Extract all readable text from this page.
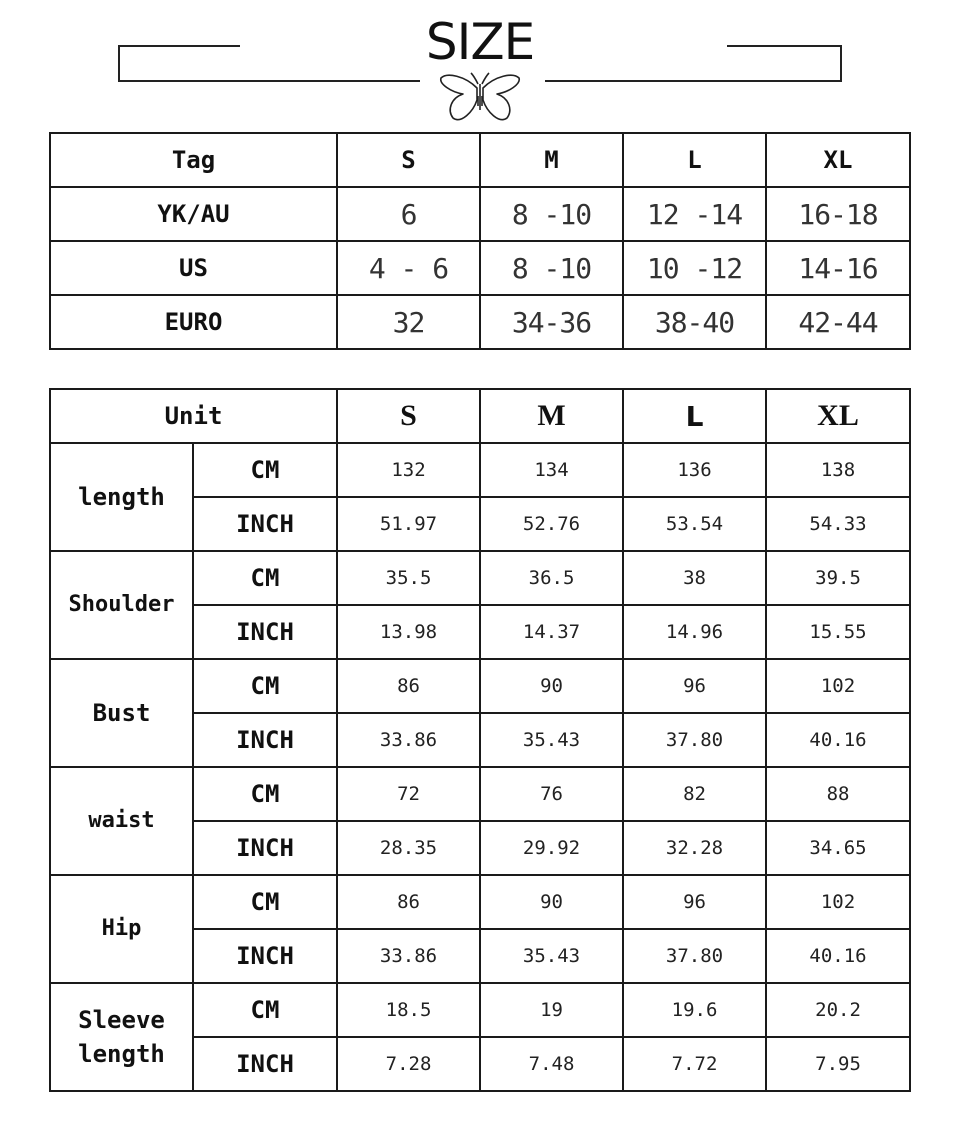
SIZE
Tag	S	M	L	XL
YK/AU	6	8 -10	12 -14	16-18
US	4 - 6	8 -10	10 -12	14-16
EURO	32	34-36	38-40	42-44
Unit		S	M	L	XL
length	CM	132	134	136	138
	INCH	51.97	52.76	53.54	54.33
Shoulder	CM	35.5	36.5	38	39.5
	INCH	13.98	14.37	14.96	15.55
Bust	CM	86	90	96	102
	INCH	33.86	35.43	37.80	40.16
waist	CM	72	76	82	88
	INCH	28.35	29.92	32.28	34.65
Hip	CM	86	90	96	102
	INCH	33.86	35.43	37.80	40.16
Sleeve length	CM	18.5	19	19.6	20.2
	INCH	7.28	7.48	7.72	7.95
